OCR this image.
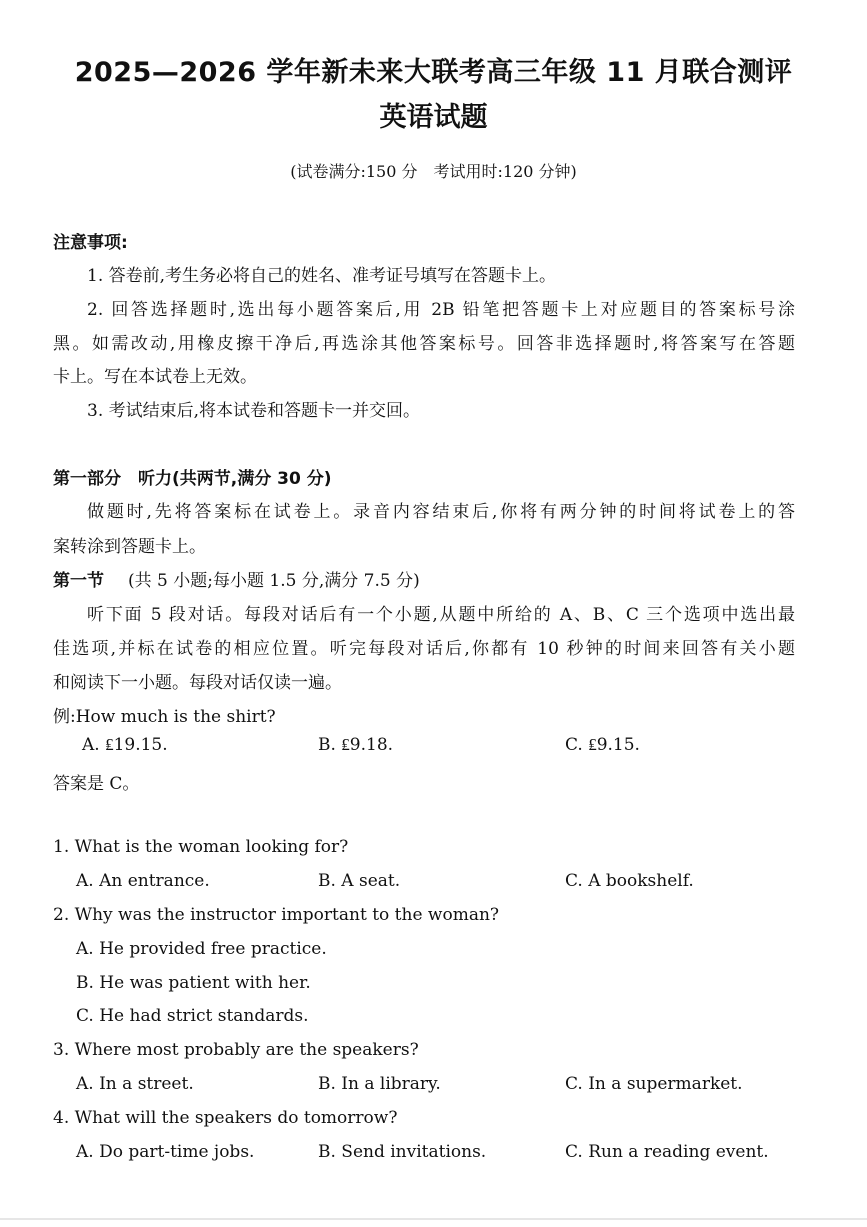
2025—2026 学年新未来大联考高三年级 11 月联合测评
英语试题
(试卷满分:150 分　考试用时:120 分钟)
注意事项:
1. 答卷前,考生务必将自己的姓名、准考证号填写在答题卡上。
2. 回答选择题时,选出每小题答案后,用 2B 铅笔把答题卡上对应题目的答案标号涂
黑。如需改动,用橡皮擦干净后,再选涂其他答案标号。回答非选择题时,将答案写在答题
卡上。写在本试卷上无效。
3. 考试结束后,将本试卷和答题卡一并交回。
第一部分　听力(共两节,满分 30 分)
做题时,先将答案标在试卷上。录音内容结束后,你将有两分钟的时间将试卷上的答
案转涂到答题卡上。
第一节 (共 5 小题;每小题 1.5 分,满分 7.5 分)
听下面 5 段对话。每段对话后有一个小题,从题中所给的 A、B、C 三个选项中选出最
佳选项,并标在试卷的相应位置。听完每段对话后,你都有 10 秒钟的时间来回答有关小题
和阅读下一小题。每段对话仅读一遍。
例:How much is the shirt?
A. ₤19.15.	B. ₤9.18.	C. ₤9.15.
答案是 C。
1. What is the woman looking for?
A. An entrance.	B. A seat.	C. A bookshelf.
2. Why was the instructor important to the woman?
A. He provided free practice.
B. He was patient with her.
C. He had strict standards.
3. Where most probably are the speakers?
A. In a street.	B. In a library.	C. In a supermarket.
4. What will the speakers do tomorrow?
A. Do part-time jobs.	B. Send invitations.	C. Run a reading event.
